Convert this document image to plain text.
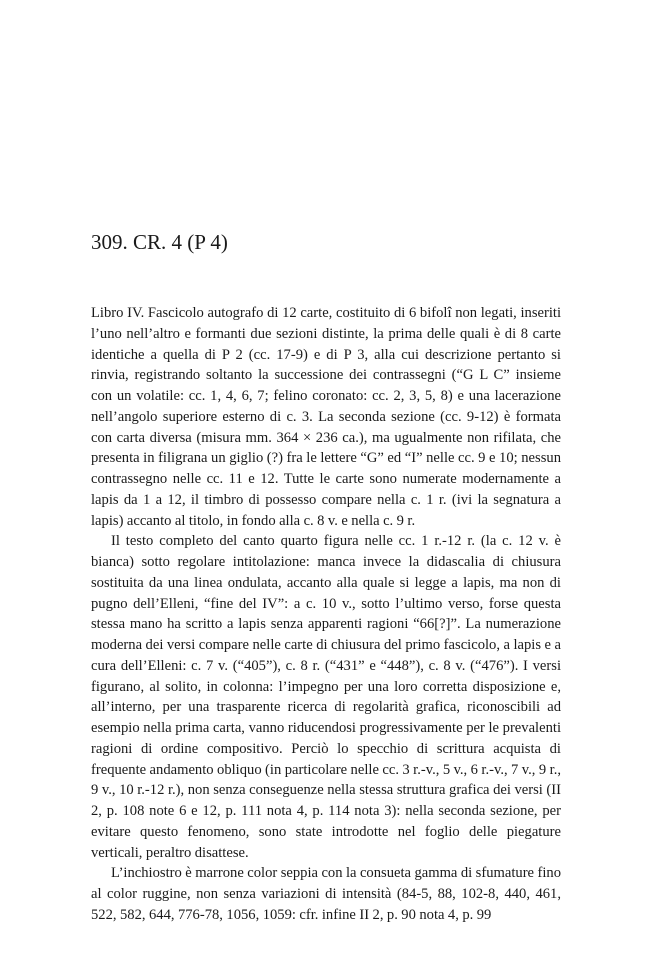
309. CR. 4 (P 4)

Libro IV. Fascicolo autografo di 12 carte, costituito di 6 bifolî non legati, inseriti l’uno nell’altro e formanti due sezioni distinte, la prima delle quali è di 8 carte identiche a quella di P 2 (cc. 17-9) e di P 3, alla cui descrizione pertanto si rinvia, registrando soltanto la successione dei contrassegni (“G L C” insieme con un volatile: cc. 1, 4, 6, 7; felino coronato: cc. 2, 3, 5, 8) e una lacerazione nell’angolo superiore esterno di c. 3. La seconda sezione (cc. 9-12) è formata con carta diversa (misura mm. 364 × 236 ca.), ma ugualmente non rifilata, che presenta in filigrana un giglio (?) fra le lettere “G” ed “I” nelle cc. 9 e 10; nessun contrassegno nelle cc. 11 e 12. Tutte le carte sono numerate modernamente a lapis da 1 a 12, il timbro di possesso compare nella c. 1 r. (ivi la segnatura a lapis) accanto al titolo, in fondo alla c. 8 v. e nella c. 9 r.

Il testo completo del canto quarto figura nelle cc. 1 r.-12 r. (la c. 12 v. è bianca) sotto regolare intitolazione: manca invece la didascalia di chiusura sostituita da una linea ondulata, accanto alla quale si legge a lapis, ma non di pugno dell’Elleni, “fine del IV”: a c. 10 v., sotto l’ultimo verso, forse questa stessa mano ha scritto a lapis senza apparenti ragioni “66[?]”. La numerazione moderna dei versi compare nelle carte di chiusura del primo fascicolo, a lapis e a cura dell’Elleni: c. 7 v. (“405”), c. 8 r. (“431” e “448”), c. 8 v. (“476”). I versi figurano, al solito, in colonna: l’impegno per una loro corretta disposizione e, all’interno, per una trasparente ricerca di regolarità grafica, riconoscibili ad esempio nella prima carta, vanno riducendosi progressivamente per le prevalenti ragioni di ordine compositivo. Perciò lo specchio di scrittura acquista di frequente andamento obliquo (in particolare nelle cc. 3 r.-v., 5 v., 6 r.-v., 7 v., 9 r., 9 v., 10 r.-12 r.), non senza conseguenze nella stessa struttura grafica dei versi (II 2, p. 108 note 6 e 12, p. 111 nota 4, p. 114 nota 3): nella seconda sezione, per evitare questo fenomeno, sono state introdotte nel foglio delle piegature verticali, peraltro disattese.

L’inchiostro è marrone color seppia con la consueta gamma di sfumature fino al color ruggine, non senza variazioni di intensità (84-5, 88, 102-8, 440, 461, 522, 582, 644, 776-78, 1056, 1059: cfr. infine II 2, p. 90 nota 4, p. 99
